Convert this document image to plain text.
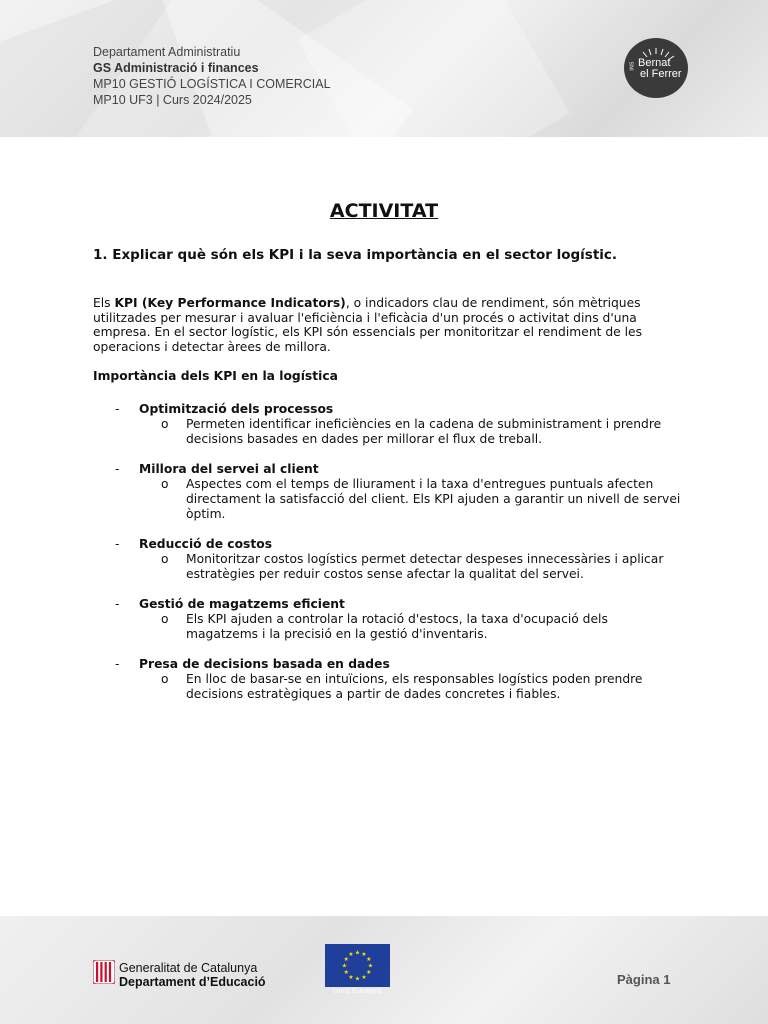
Departament Administratiu
GS Administració i finances
MP10 GESTIÓ LOGÍSTICA I COMERCIAL
MP10 UF3 | Curs 2024/2025
INS Bernat
el Ferrer
ACTIVITAT
1. Explicar què són els KPI i la seva importància en el sector logístic.
Els KPI (Key Performance Indicators), o indicadors clau de rendiment, són mètriques utilitzades per mesurar i avaluar l'eficiència i l'eficàcia d'un procés o activitat dins d'una empresa. En el sector logístic, els KPI són essencials per monitoritzar el rendiment de les operacions i detectar àrees de millora.
Importància dels KPI en la logística
- Optimització dels processos
o Permeten identificar ineficiències en la cadena de subministrament i prendre decisions basades en dades per millorar el flux de treball.
- Millora del servei al client
o Aspectes com el temps de lliurament i la taxa d'entregues puntuals afecten directament la satisfacció del client. Els KPI ajuden a garantir un nivell de servei òptim.
- Reducció de costos
o Monitoritzar costos logístics permet detectar despeses innecessàries i aplicar estratègies per reduir costos sense afectar la qualitat del servei.
- Gestió de magatzems eficient
o Els KPI ajuden a controlar la rotació d'estocs, la taxa d'ocupació dels magatzems i la precisió en la gestió d'inventaris.
- Presa de decisions basada en dades
o En lloc de basar-se en intuïcions, els responsables logístics poden prendre decisions estratègiques a partir de dades concretes i fiables.
Generalitat de Catalunya
Departament d’Educació
★ ★
★
★
★
★
★
★
★
★
★
★
Unió Europea
Pàgina 1
